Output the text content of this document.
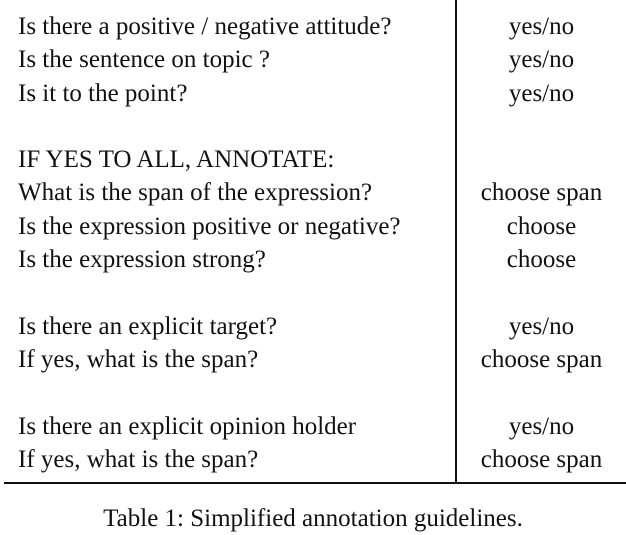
Is there a positive / negative attitude?	yes/no
Is the sentence on topic ?	yes/no
Is it to the point?	yes/no

IF YES TO ALL, ANNOTATE:	
What is the span of the expression?	choose span
Is the expression positive or negative?	choose
Is the expression strong?	choose

Is there an explicit target?	yes/no
If yes, what is the span?	choose span

Is there an explicit opinion holder	yes/no
If yes, what is the span?	choose span
Table 1: Simplified annotation guidelines.
